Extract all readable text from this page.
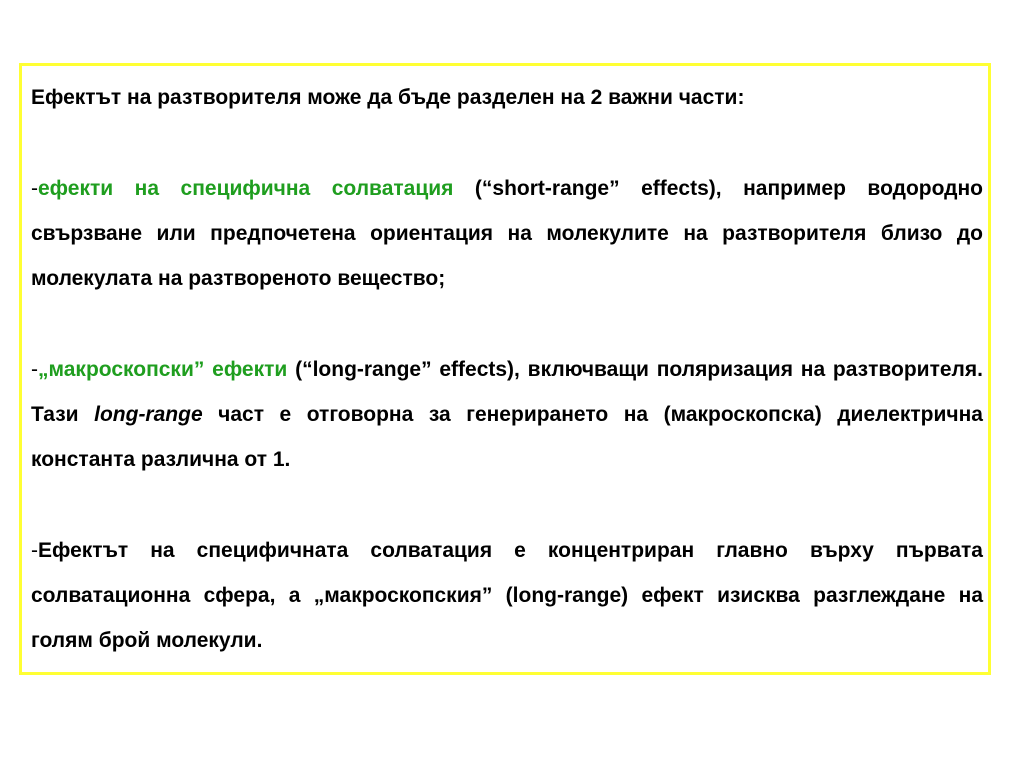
Ефектът на разтворителя може да бъде разделен на 2 важни части:

-ефекти на специфична солватация (“short-range” effects), например водородно свързване или предпочетена ориентация на молекулите на разтворителя близо до молекулата на разтвореното вещество;

-„макроскопски” ефекти (“long-range” effects), включващи поляризация на разтворителя. Тази long-range част е отговорна за генерирането на (макроскопска) диелектрична константа различна от 1.

-Ефектът на специфичната солватация е концентриран главно върху първата солватационна сфера, а „макроскопския” (long-range) ефект изисква разглеждане на голям брой молекули.
